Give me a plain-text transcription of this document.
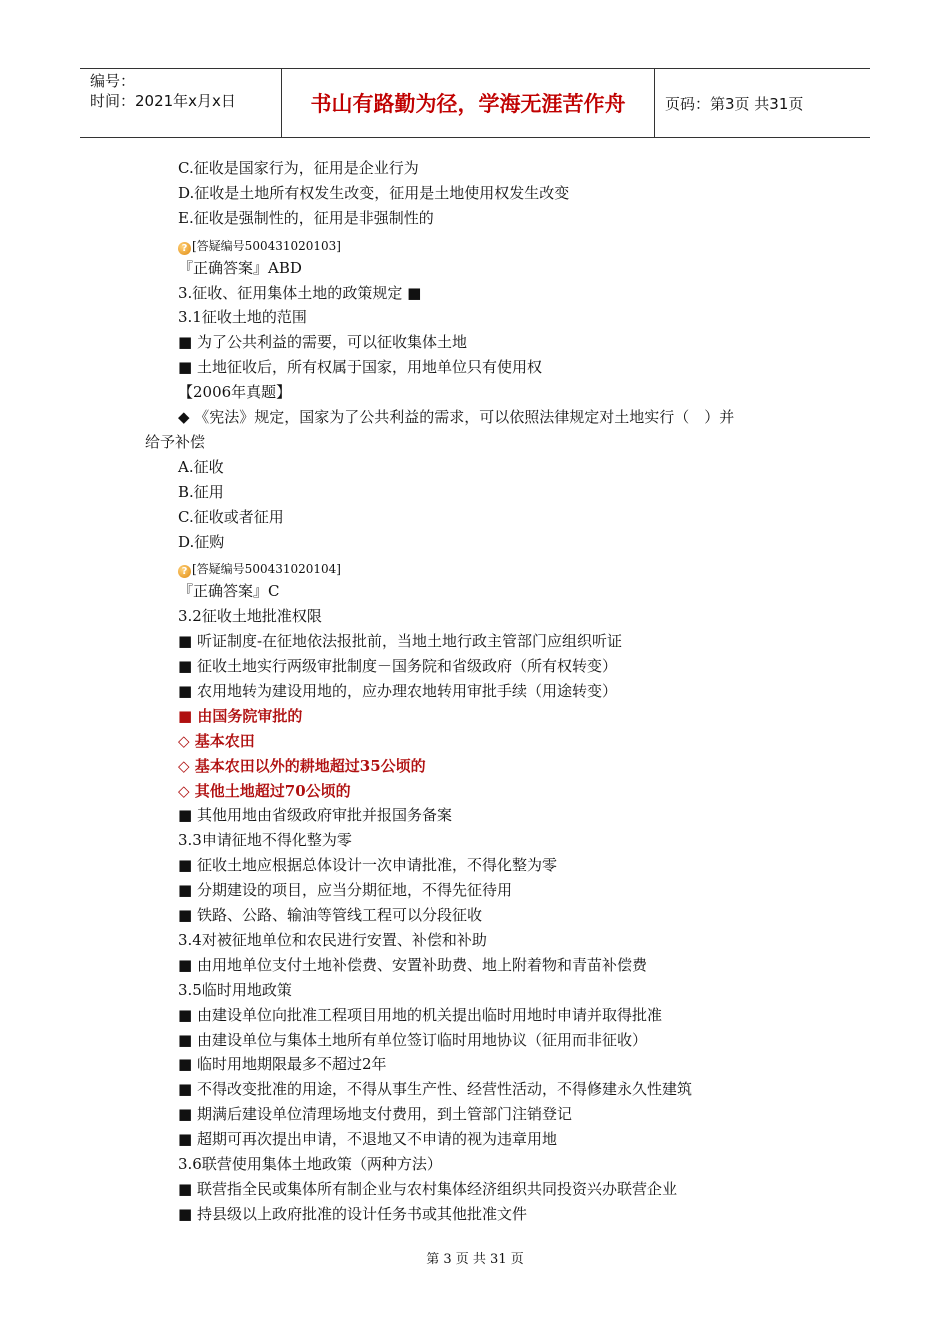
编号：
时间：2021年x月x日	书山有路勤为径，学海无涯苦作舟	页码：第3页 共31页
C.征收是国家行为，征用是企业行为
D.征收是土地所有权发生改变，征用是土地使用权发生改变
E.征收是强制性的，征用是非强制性的
? [答疑编号500431020103]
『正确答案』ABD
3.征收、征用集体土地的政策规定 ■
3.1征收土地的范围
■ 为了公共利益的需要，可以征收集体土地
■ 土地征收后，所有权属于国家，用地单位只有使用权
【2006年真题】
◆ 《宪法》规定，国家为了公共利益的需求，可以依照法律规定对土地实行（　）并
给予补偿
A.征收
B.征用
C.征收或者征用
D.征购
? [答疑编号500431020104]
『正确答案』C
3.2征收土地批准权限
■ 听证制度-在征地依法报批前，当地土地行政主管部门应组织听证
■ 征收土地实行两级审批制度－国务院和省级政府（所有权转变）
■ 农用地转为建设用地的，应办理农地转用审批手续（用途转变）
■ 由国务院审批的
◇ 基本农田
◇ 基本农田以外的耕地超过35公顷的
◇ 其他土地超过70公顷的
■ 其他用地由省级政府审批并报国务备案
3.3申请征地不得化整为零
■ 征收土地应根据总体设计一次申请批准，不得化整为零
■ 分期建设的项目，应当分期征地，不得先征待用
■ 铁路、公路、输油等管线工程可以分段征收
3.4对被征地单位和农民进行安置、补偿和补助
■ 由用地单位支付土地补偿费、安置补助费、地上附着物和青苗补偿费
3.5临时用地政策
■ 由建设单位向批准工程项目用地的机关提出临时用地时申请并取得批准
■ 由建设单位与集体土地所有单位签订临时用地协议（征用而非征收）
■ 临时用地期限最多不超过2年
■ 不得改变批准的用途，不得从事生产性、经营性活动，不得修建永久性建筑
■ 期满后建设单位清理场地支付费用，到土管部门注销登记
■ 超期可再次提出申请，不退地又不申请的视为违章用地
3.6联营使用集体土地政策（两种方法）
■ 联营指全民或集体所有制企业与农村集体经济组织共同投资兴办联营企业
■ 持县级以上政府批准的设计任务书或其他批准文件
第 3 页 共 31 页
